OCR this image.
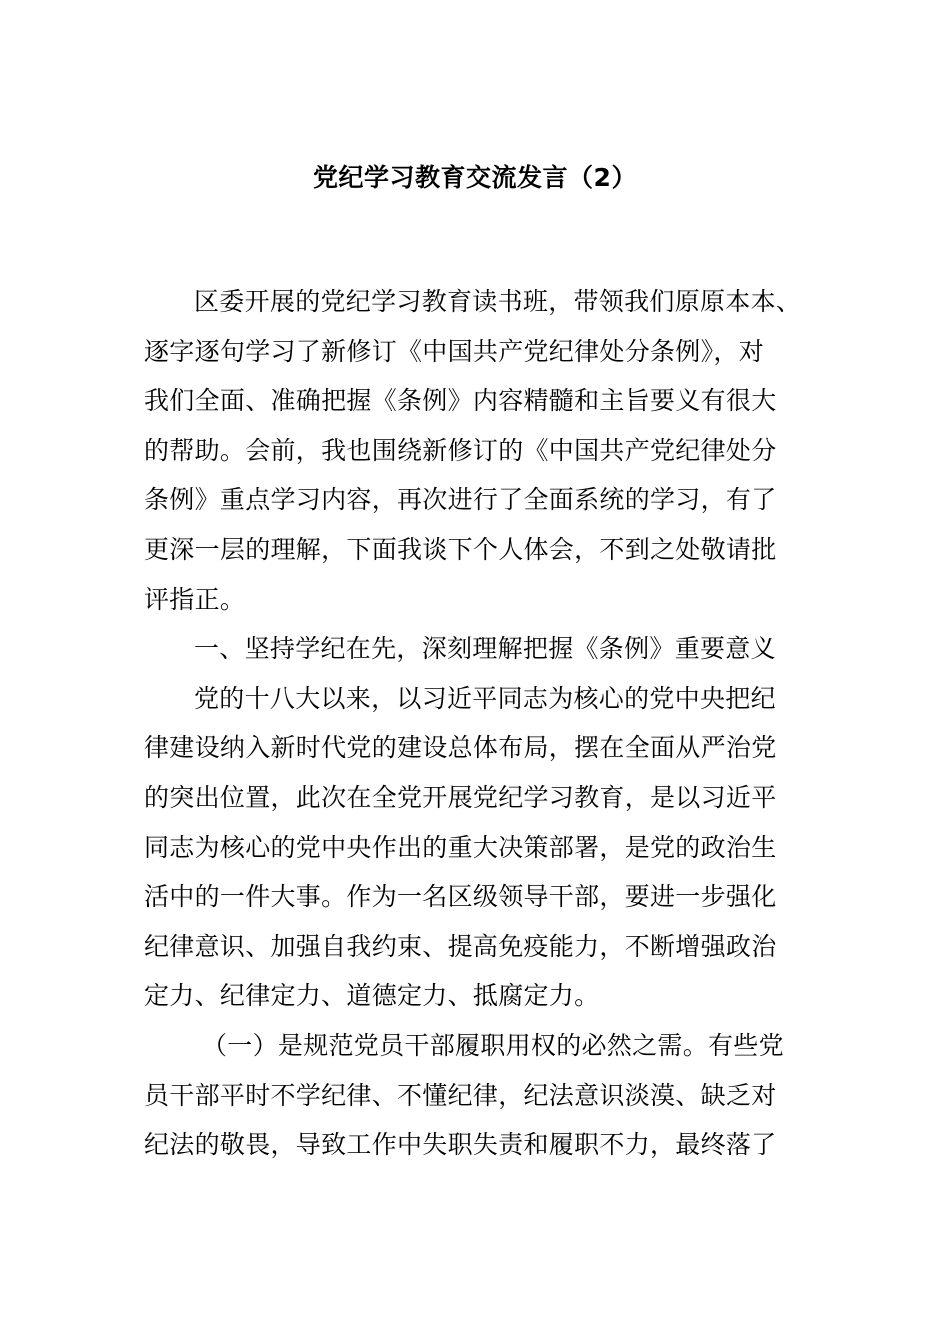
党纪学习教育交流发言（2）
区委开展的党纪学习教育读书班，带领我们原原本本、
逐字逐句学习了新修订《中国共产党纪律处分条例》，对
我们全面、准确把握《条例》内容精髓和主旨要义有很大
的帮助。会前，我也围绕新修订的《中国共产党纪律处分
条例》重点学习内容，再次进行了全面系统的学习，有了
更深一层的理解，下面我谈下个人体会，不到之处敬请批
评指正。
一、坚持学纪在先，深刻理解把握《条例》重要意义
党的十八大以来，以习近平同志为核心的党中央把纪
律建设纳入新时代党的建设总体布局，摆在全面从严治党
的突出位置，此次在全党开展党纪学习教育，是以习近平
同志为核心的党中央作出的重大决策部署，是党的政治生
活中的一件大事。作为一名区级领导干部，要进一步强化
纪律意识、加强自我约束、提高免疫能力，不断增强政治
定力、纪律定力、道德定力、抵腐定力。
（一）是规范党员干部履职用权的必然之需。有些党
员干部平时不学纪律、不懂纪律，纪法意识淡漠、缺乏对
纪法的敬畏，导致工作中失职失责和履职不力，最终落了
